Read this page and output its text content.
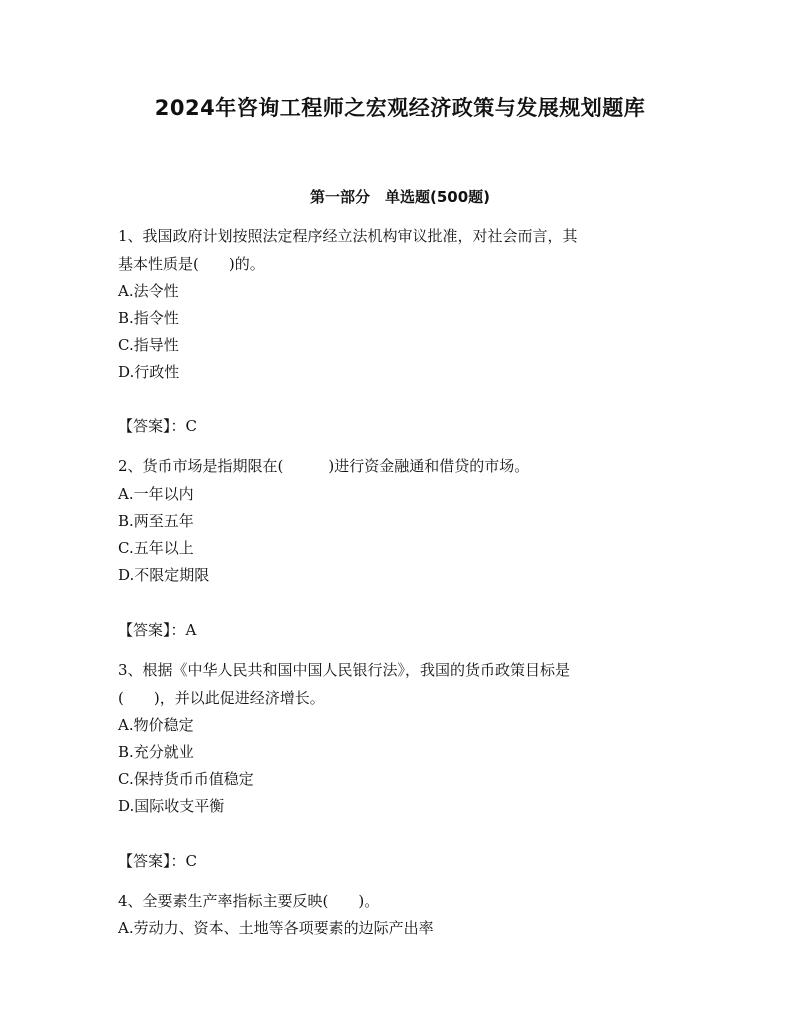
2024年咨询工程师之宏观经济政策与发展规划题库
第一部分　单选题(500题)
1、我国政府计划按照法定程序经立法机构审议批准，对社会而言，其
基本性质是(　　)的。
A.法令性
B.指令性
C.指导性
D.行政性
【答案】：C
2、货币市场是指期限在(　　　)进行资金融通和借贷的市场。
A.一年以内
B.两至五年
C.五年以上
D.不限定期限
【答案】：A
3、根据《中华人民共和国中国人民银行法》，我国的货币政策目标是
(　　)，并以此促进经济增长。
A.物价稳定
B.充分就业
C.保持货币币值稳定
D.国际收支平衡
【答案】：C
4、全要素生产率指标主要反映(　　)。
A.劳动力、资本、土地等各项要素的边际产出率
